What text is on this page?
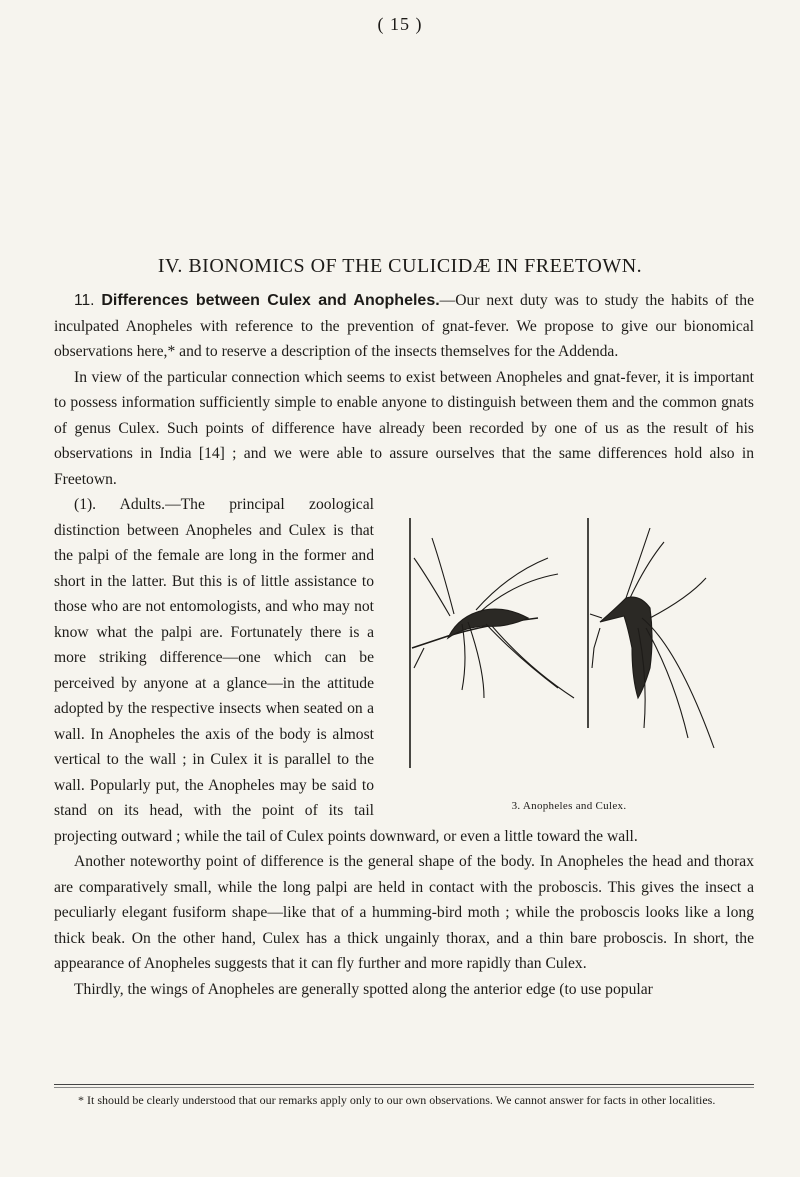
( 15 )
IV. BIONOMICS OF THE CULICIDÆ IN FREETOWN.

11. Differences between Culex and Anopheles.—Our next duty was to study the habits of the inculpated Anopheles with reference to the prevention of gnat-fever. We propose to give our bionomical observations here,* and to reserve a description of the insects themselves for the Addenda.

In view of the particular connection which seems to exist between Anopheles and gnat-fever, it is important to possess information sufficiently simple to enable anyone to distinguish between them and the common gnats of genus Culex. Such points of difference have already been recorded by one of us as the result of his observations in India [14] ; and we were able to assure ourselves that the same differences hold also in Freetown.

3. Anopheles and Culex.

(1). Adults.—The principal zoological distinction between Anopheles and Culex is that the palpi of the female are long in the former and short in the latter. But this is of little assistance to those who are not entomologists, and who may not know what the palpi are. Fortunately there is a more striking difference—one which can be perceived by anyone at a glance—in the attitude adopted by the respective insects when seated on a wall. In Anopheles the axis of the body is almost vertical to the wall ; in Culex it is parallel to the wall. Popularly put, the Anopheles may be said to stand on its head, with the point of its tail projecting outward ; while the tail of Culex points downward, or even a little toward the wall.

Another noteworthy point of difference is the general shape of the body. In Anopheles the head and thorax are comparatively small, while the long palpi are held in contact with the proboscis. This gives the insect a peculiarly elegant fusiform shape—like that of a humming-bird moth ; while the proboscis looks like a long thick beak. On the other hand, Culex has a thick ungainly thorax, and a thin bare proboscis. In short, the appearance of Anopheles suggests that it can fly further and more rapidly than Culex.

Thirdly, the wings of Anopheles are generally spotted along the anterior edge (to use popular

* It should be clearly understood that our remarks apply only to our own observations. We cannot answer for facts in other localities.
